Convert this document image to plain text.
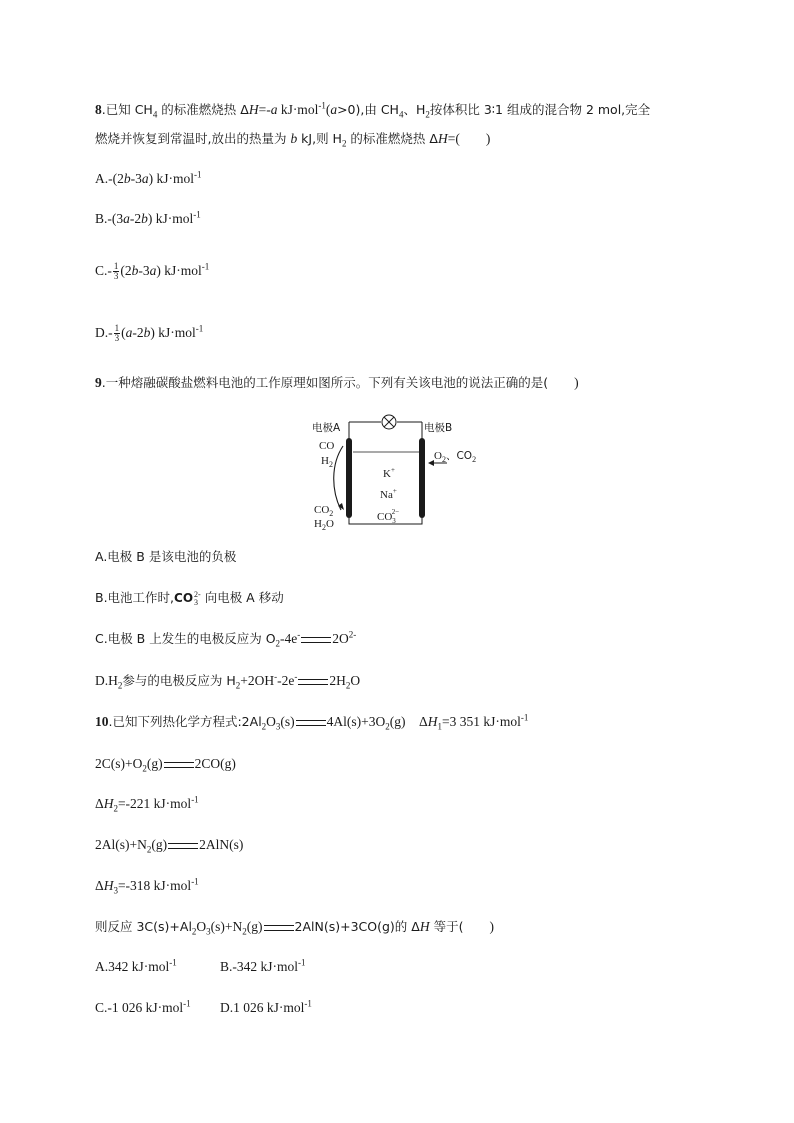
8.已知 $CH_4$ 的标准燃烧热 ΔH=-a kJ·mol$^{-1}$(a>0),由 $CH_4$、$H_2$按体积比 3∶1 组成的混合物 2 mol,完全
燃烧并恢复到常温时,放出的热量为 b kJ,则 $H_2$ 的标准燃烧热 ΔH=( )
A.-(2b-3a) kJ·mol$^{-1}$
B.-(3a-2b) kJ·mol$^{-1}$
$C.- \frac{1}{3} (2b-3a)$ kJ·mol$^{-1}$
$D.- \frac{1}{3} (a-2b)$ kJ·mol$^{-1}$
9.一种熔融碳酸盐燃料电池的工作原理如图所示。下列有关该电池的说法正确的是( )
电极A	电极B
CO
$H_2$
$CO_2$
$H_2O$
$O_2$、$CO_2$
K+
Na+
$CO_32-$
A.电极 B 是该电池的负极
B.电池工作时,CO 2-
3 向电极 A 移动
C.电极 B 上发生的电极反应为 $O_2-4e^-$ $2O^{2-}$
$D.H_2$参与的电极反应为 $H_2+2OH^--2e^-$ $2H_2O$
10.已知下列热化学方程式$:2Al_2O_3(s)$ $4Al(s)+3O_2(g)$    $\Delta H_1=3$ 351 kJ·mol$^{-1}$
$2C(s)+O_2(g)$ 2CO(g)
$\Delta H_2=-221$ kJ·mol$^{-1}$
$2Al(s)+N_2(g)$ 2AlN(s)
$\Delta H_3=-318$ kJ·mol$^{-1}$
则反应 $3C(s)+Al_2O_3(s)+N_2(g)$	2AlN(s)+3CO(g)的 ΔH 等于( )
A.342 kJ·mol$^{-1}$	B.-342 kJ·mol$^{-1}$
C.-1 026 kJ·mol$^{-1}$ D.1 026 kJ·mol$^{-1}$
